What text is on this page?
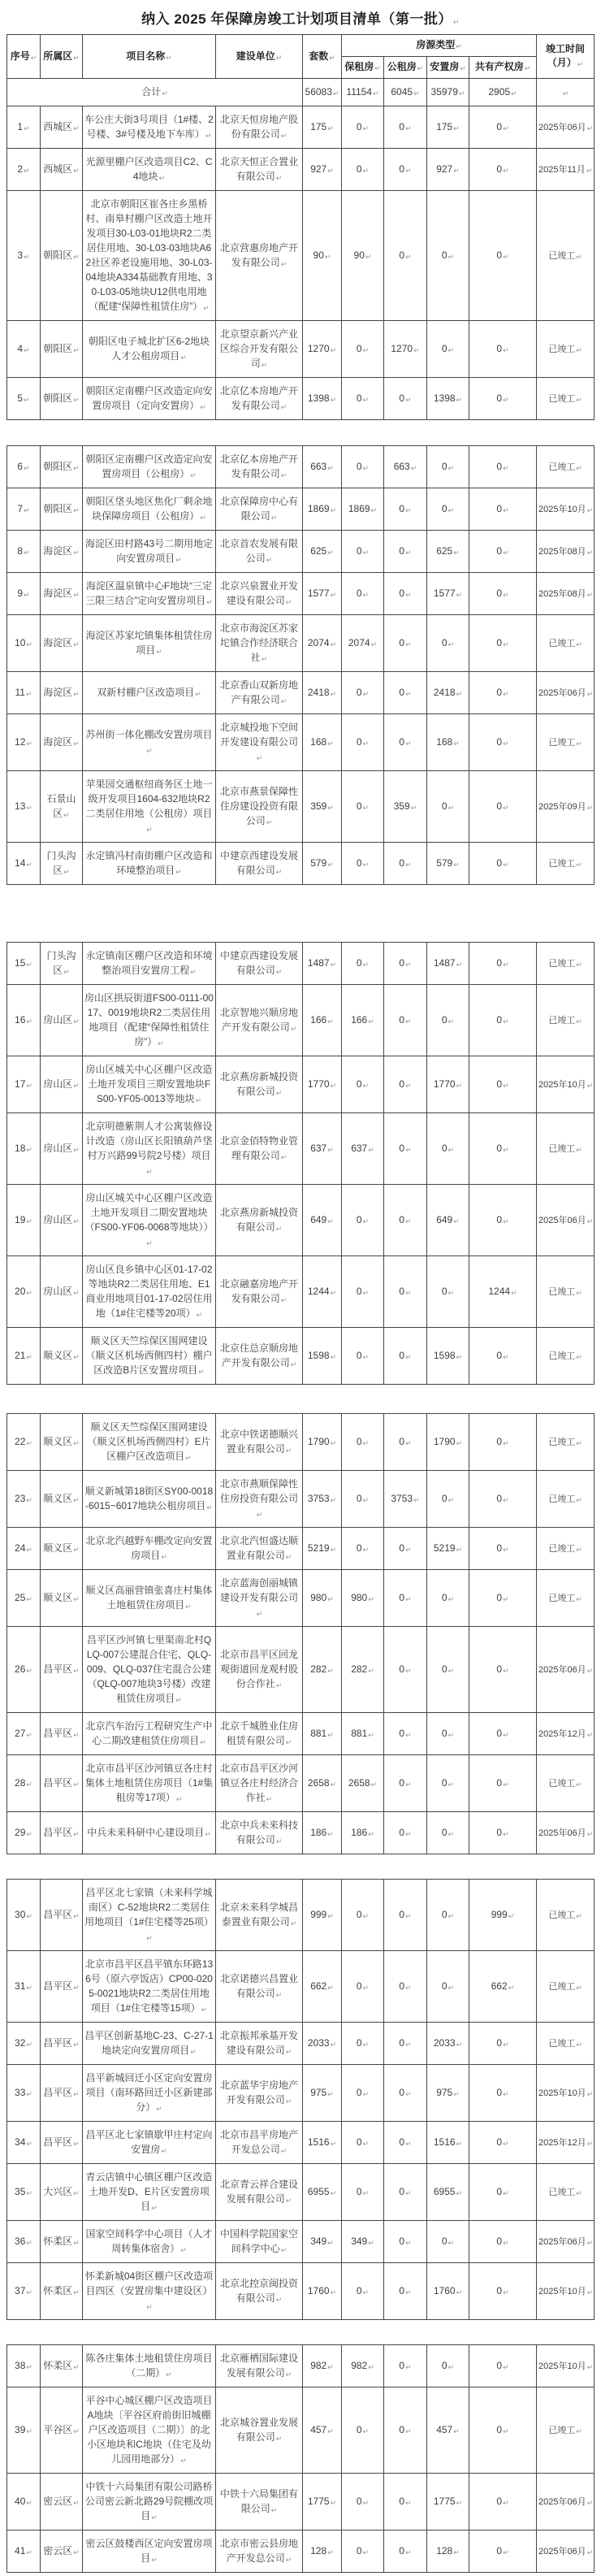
纳入 2025 年保障房竣工计划项目清单（第一批）↵
序号↵	所属区↵	项目名称↵	建设单位↵	套数↵	房源类型↵				竣工时间（月）↵
					保租房↵	公租房↵	安置房↵	共有产权房↵	
合计↵				56083↵	11154↵	6045↵	35979↵	2905↵	↵
1↵	西城区↵	车公庄大街3号项目（1#楼、2号楼、3#号楼及地下车库）↵	北京天恒房地产股份有限公司↵	175↵	0↵	0↵	175↵	0↵	2025年06月↵
2↵	西城区↵	光源里棚户区改造项目C2、C4地块↵	北京天恒正合置业有限公司↵	927↵	0↵	0↵	927↵	0↵	2025年11月↵
3↵	朝阳区↵	北京市朝阳区崔各庄乡黑桥村、南皋村棚户区改造土地开发项目30-L03-01地块R2二类居住用地、30-L03-03地块A62社区养老设施用地、30-L03-04地块A334基础教育用地、30-L03-05地块U12供电用地（配建“保障性租赁住房”）↵	北京营惠房地产开发有限公司↵	90↵	90↵	0↵	0↵	0↵	已竣工↵
4↵	朝阳区↵	朝阳区电子城北扩区6-2地块人才公租房项目↵	北京望京新兴产业区综合开发有限公司↵	1270↵	0↵	1270↵	0↵	0↵	已竣工↵
5↵	朝阳区↵	朝阳区定南棚户区改造定向安置房项目（定向安置房）↵	北京亿本房地产开发有限公司↵	1398↵	0↵	0↵	1398↵	0↵	已竣工↵
6↵	朝阳区↵	朝阳区定南棚户区改造定向安置房项目（公租房）↵	北京亿本房地产开发有限公司↵	663↵	0↵	663↵	0↵	0↵	已竣工↵
7↵	朝阳区↵	朝阳区垡头地区焦化厂剩余地块保障房项目（公租房）↵	北京保障房中心有限公司↵	1869↵	1869↵	0↵	0↵	0↵	2025年10月↵
8↵	海淀区↵	海淀区田村路43号二期用地定向安置房项目↵	北京首农发展有限公司↵	625↵	0↵	0↵	625↵	0↵	2025年08月↵
9↵	海淀区↵	海淀区温泉镇中心F地块“三定三限三结合”定向安置房项目↵	北京兴泉置业开发建设有限公司↵	1577↵	0↵	0↵	1577↵	0↵	2025年08月↵
10↵	海淀区↵	海淀区苏家坨镇集体租赁住房项目↵	北京市海淀区苏家坨镇合作经济联合社↵	2074↵	2074↵	0↵	0↵	0↵	已竣工↵
11↵	海淀区↵	双新村棚户区改造项目↵	北京香山双新房地产有限公司↵	2418↵	0↵	0↵	2418↵	0↵	2025年06月↵
12↵	海淀区↵	苏州街一体化棚改安置房项目↵	北京城投地下空间开发建设有限公司↵	168↵	0↵	0↵	168↵	0↵	已竣工↵
13↵	石景山区↵	苹果园交通枢纽商务区土地一级开发项目1604-632地块R2二类居住用地（公租房）项目↵	北京市燕景保障性住房建设投资有限公司↵	359↵	0↵	359↵	0↵	0↵	2025年09月↵
14↵	门头沟区↵	永定镇冯村南街棚户区改造和环境整治项目↵	中建京西建设发展有限公司↵	579↵	0↵	0↵	579↵	0↵	已竣工↵
15↵	门头沟区↵	永定镇南区棚户区改造和环境整治项目安置房工程↵	中建京西建设发展有限公司↵	1487↵	0↵	0↵	1487↵	0↵	已竣工↵
16↵	房山区↵	房山区拱辰街道FS00-0111-0017、0019地块R2二类居住用地项目（配建“保障性租赁住房”）↵	北京智地兴顺房地产开发有限公司↵	166↵	166↵	0↵	0↵	0↵	已竣工↵
17↵	房山区↵	房山区城关中心区棚户区改造土地开发项目三期安置地块FS00-YF05-0013等地块↵	北京燕房新城投资有限公司↵	1770↵	0↵	0↵	1770↵	0↵	2025年10月↵
18↵	房山区↵	北京明德紫荆人才公寓装修设计改造（房山区长阳镇葫芦垡村万兴路99号院2号楼）项目↵	北京金佰特物业管理有限公司↵	637↵	637↵	0↵	0↵	0↵	已竣工↵
19↵	房山区↵	房山区城关中心区棚户区改造土地开发项目二期安置地块（FS00-YF06-0068等地块））↵	北京燕房新城投资有限公司↵	649↵	0↵	0↵	649↵	0↵	2025年06月↵
20↵	房山区↵	房山区良乡镇中心区01-17-02等地块R2二类居住用地、E1商业用地项目01-17-02居住用地（1#住宅楼等20项）↵	北京融嘉房地产开发有限公司↵	1244↵	0↵	0↵	0↵	1244↵	已竣工↵
21↵	顺义区↵	顺义区天竺综保区围网建设（顺义区机场西侧四村）棚户区改造B片区安置房项目↵	北京住总京顺房地产开发有限公司↵	1598↵	0↵	0↵	1598↵	0↵	已竣工↵
22↵	顺义区↵	顺义区天竺综保区围网建设（顺义区机场西侧四村）E片区棚户区改造项目↵	北京中铁诺德顺兴置业有限公司↵	1790↵	0↵	0↵	1790↵	0↵	已竣工↵
23↵	顺义区↵	顺义新城第18街区SY00-0018-6015~6017地块公租房项目↵	北京市燕顺保障性住房投资有限公司↵	3753↵	0↵	3753↵	0↵	0↵	已竣工↵
24↵	顺义区↵	北京北汽越野车棚改定向安置房项目↵	北京北汽恒盛达顺置业有限公司↵	5219↵	0↵	0↵	5219↵	0↵	已竣工↵
25↵	顺义区↵	顺义区高丽营镇张喜庄村集体土地租赁住房项目↵	北京蓝海创丽城镇建设开发有限公司↵	980↵	980↵	0↵	0↵	0↵	已竣工↵
26↵	昌平区↵	昌平区沙河镇七里渠南北村QLQ-007公建混合住宅、QLQ-009、QLQ-037住宅混合公建（QLQ-007地块3号楼）改建租赁住房项目↵	北京市昌平区回龙观街道回龙观村股份合作社↵	282↵	282↵	0↵	0↵	0↵	2025年06月↵
27↵	昌平区↵	北京汽车治污工程研究生产中心二期改建租赁住房项目↵	北京千城胜业住房租赁有限公司↵	881↵	881↵	0↵	0↵	0↵	2025年12月↵
28↵	昌平区↵	北京市昌平区沙河镇豆各庄村集体土地租赁住房项目（1#集租房等17项）↵	北京市昌平区沙河镇豆各庄村经济合作社↵	2658↵	2658↵	0↵	0↵	0↵	已竣工↵
29↵	昌平区↵	中兵未来科研中心建设项目↵	北京中兵未来科技有限公司↵	186↵	186↵	0↵	0↵	0↵	2025年06月↵
30↵	昌平区↵	昌平区北七家镇（未来科学城南区）C-52地块R2二类居住用地项目（1#住宅楼等25项）↵	北京未来科学城昌泰置业有限公司↵	999↵	0↵	0↵	0↵	999↵	已竣工↵
31↵	昌平区↵	北京市昌平区昌平镇东环路136号（原六亭饭店）CP00-0205-0021地块R2二类居住用地项目（1#住宅楼等15项）↵	北京诺德兴昌置业有限公司↵	662↵	0↵	0↵	0↵	662↵	已竣工↵
32↵	昌平区↵	昌平区创新基地C-23、C-27-1地块定向安置房项目↵	北京振邦承基开发建设有限公司↵	2033↵	0↵	0↵	2033↵	0↵	已竣工↵
33↵	昌平区↵	昌平新城回迁小区定向安置房项目（南环路回迁小区新建部分）↵	北京蓝华宇房地产开发有限公司↵	975↵	0↵	0↵	975↵	0↵	2025年10月↵
34↵	昌平区↵	昌平区北七家镇歇甲庄村定向安置房↵	北京市昌平房地产开发总公司↵	1516↵	0↵	0↵	1516↵	0↵	2025年12月↵
35↵	大兴区↵	青云店镇中心镇区棚户区改造土地开发D、E片区安置房项目↵	北京青云祥合建设发展有限公司↵	6955↵	0↵	0↵	6955↵	0↵	已竣工↵
36↵	怀柔区↵	国家空间科学中心项目（人才周转集体宿舍）↵	中国科学院国家空间科学中心↵	349↵	349↵	0↵	0↵	0↵	2025年06月↵
37↵	怀柔区↵	怀柔新城04街区棚户区改造项目四区（安置房集中建设区）↵	北京北控京闽投资有限公司↵	1760↵	0↵	0↵	1760↵	0↵	2025年10月↵
38↵	怀柔区↵	陈各庄集体土地租赁住房项目（二期）↵	北京雁栖国际建设发展有限公司↵	982↵	982↵	0↵	0↵	0↵	2025年10月↵
39↵	平谷区↵	平谷中心城区棚户区改造项目A地块〔平谷区府前街旧城棚户区改造项目（二期）〕的北小区地块和C地块（住宅及幼儿园用地部分）↵	北京城谷置业发展有限公司↵	457↵	0↵	0↵	457↵	0↵	已竣工↵
40↵	密云区↵	中铁十六局集团有限公司路桥公司密云新北路29号院棚改项目↵	中铁十六局集团有限公司↵	1775↵	0↵	0↵	1775↵	0↵	2025年06月↵
41↵	密云区↵	密云区鼓楼西区定向安置房项目↵	北京市密云县房地产开发总公司↵	128↵	0↵	0↵	128↵	0↵	2025年06月↵
